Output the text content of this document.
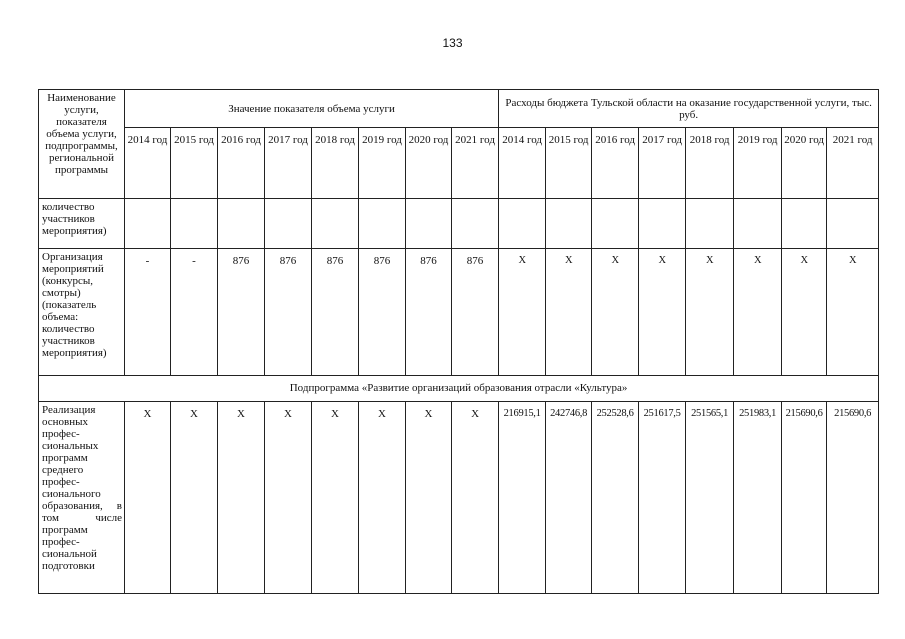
133
Наименование услуги, показателя объема услуги, подпрограммы, региональной программы	Значение показателя объема услуги								Расходы бюджета Тульской области на оказание государственной услуги, тыс. руб.							
	2014 год	2015 год	2016 год	2017 год	2018 год	2019 год	2020 год	2021 год	2014 год	2015 год	2016 год	2017 год	2018 год	2019 год	2020 год	2021 год
количество участников мероприятия)																
Организация мероприятий (конкурсы, смотры) (показатель объема: количество участников мероприятия)	-	-	876	876	876	876	876	876	X	X	X	X	X	X	X	X
Подпрограмма «Развитие организаций образования отрасли «Культура»																
Реализация основных профес-сиональных программ среднего профес-сионального образования, в том числе программ профес-сиональной подготовки	X	X	X	X	X	X	X	X	216915,1	242746,8	252528,6	251617,5	251565,1	251983,1	215690,6	215690,6
